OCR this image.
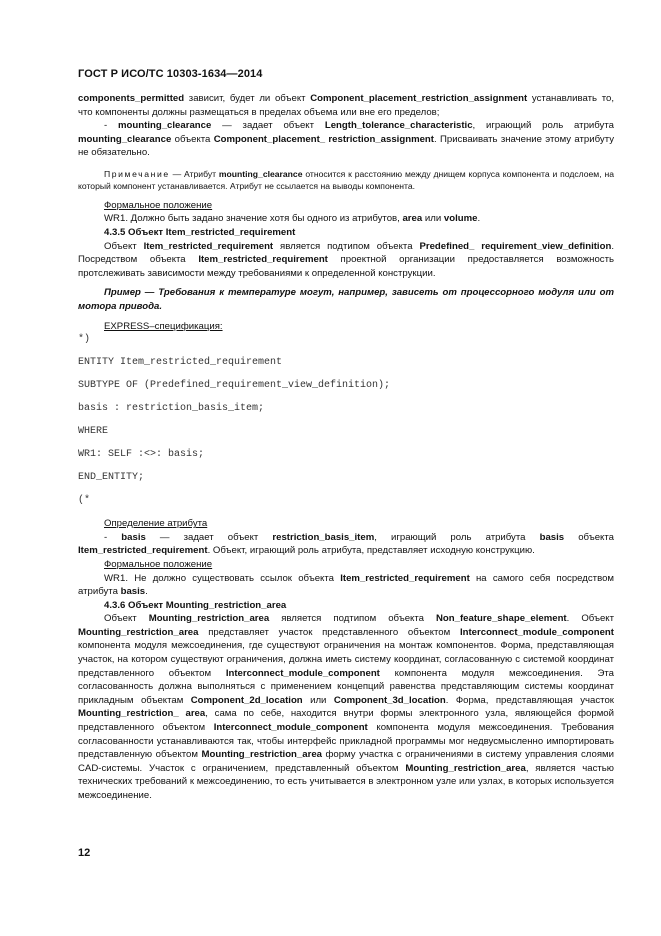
ГОСТ Р ИСО/ТС 10303-1634—2014

components_permitted зависит, будет ли объект Component_placement_restriction_assignment устанавливать то, что компоненты должны размещаться в пределах объема или вне его пределов;

- mounting_clearance — задает объект Length_tolerance_characteristic, играющий роль атрибута mounting_clearance объекта Component_placement_ restriction_assignment. Присваивать значение этому атрибуту не обязательно.

Примечание — Атрибут mounting_clearance относится к расстоянию между днищем корпуса компонента и подслоем, на который компонент устанавливается. Атрибут не ссылается на выводы компонента.

Формальное положение

WR1. Должно быть задано значение хотя бы одного из атрибутов, area или volume.

4.3.5 Объект Item_restricted_requirement

Объект Item_restricted_requirement является подтипом объекта Predefined_ requirement_view_definition. Посредством объекта Item_restricted_requirement проектной организации предоставляется возможность протслеживать зависимости между требованиями к определенной конструкции.

Пример — Требования к температуре могут, например, зависеть от процессорного модуля или от мотора привода.

EXPRESS–спецификация:

*)

ENTITY Item_restricted_requirement

SUBTYPE OF (Predefined_requirement_view_definition);

basis : restriction_basis_item;

WHERE

WR1: SELF :<>: basis;

END_ENTITY;

(*

Определение атрибута

- basis — задает объект restriction_basis_item, играющий роль атрибута basis объекта Item_restricted_requirement. Объект, играющий роль атрибута, представляет исходную конструкцию.

Формальное положение

WR1. Не должно существовать ссылок объекта Item_restricted_requirement на самого себя посредством атрибута basis.

4.3.6 Объект Mounting_restriction_area

Объект Mounting_restriction_area является подтипом объекта Non_feature_shape_element. Объект Mounting_restriction_area представляет участок представленного объектом Interconnect_module_component компонента модуля межсоединения, где существуют ограничения на монтаж компонентов. Форма, представляющая участок, на котором существуют ограничения, должна иметь систему координат, согласованную с системой координат представленного объектом Interconnect_module_component компонента модуля межсоединения. Эта согласованность должна выполняться с применением концепций равенства представляющим системы координат прикладным объектам Component_2d_location или Component_3d_location. Форма, представляющая участок Mounting_restriction_ area, сама по себе, находится внутри формы электронного узла, являющейся формой представленного объектом Interconnect_module_component компонента модуля межсоединения. Требования согласованности устанавливаются так, чтобы интерфейс прикладной программы мог недвусмысленно импортировать представленную объектом Mounting_restriction_area форму участка с ограничениями в систему управления слоями CAD-системы. Участок с ограничением, представленный объектом Mounting_restriction_area, является частью технических требований к межсоединению, то есть учитывается в электронном узле или узлах, в которых используется межсоединение.

12
